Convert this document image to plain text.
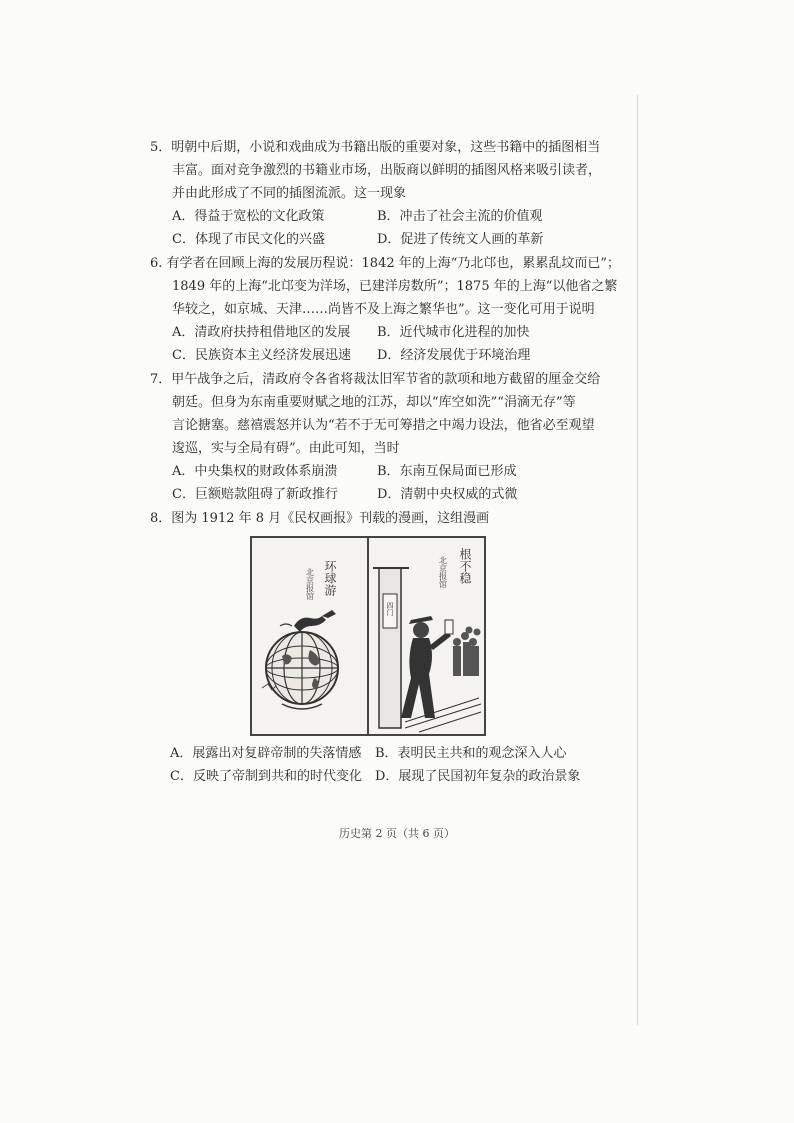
5．明朝中后期，小说和戏曲成为书籍出版的重要对象，这些书籍中的插图相当
丰富。面对竞争激烈的书籍业市场，出版商以鲜明的插图风格来吸引读者，
并由此形成了不同的插图流派。这一现象
A．得益于宽松的文化政策	B．冲击了社会主流的价值观
C．体现了市民文化的兴盛	D．促进了传统文人画的革新
6. 有学者在回顾上海的发展历程说：1842 年的上海“乃北邙也，累累乱坟而已”；
1849 年的上海“北邙变为洋场，已建洋房数所”；1875 年的上海“以他省之繁
华较之，如京城、天津……尚皆不及上海之繁华也”。这一变化可用于说明
A．清政府扶持租借地区的发展	B．近代城市化进程的加快
C．民族资本主义经济发展迅速	D．经济发展优于环境治理
7．甲午战争之后，清政府令各省将裁汰旧军节省的款项和地方截留的厘金交给
朝廷。但身为东南重要财赋之地的江苏，却以“库空如洗”“涓滴无存”等
言论搪塞。慈禧震怒并认为“若不于无可筹措之中竭力设法，他省必至观望
逡巡，实与全局有碍”。由此可知，当时
A．中央集权的财政体系崩溃	B．东南互保局面已形成
C．巨额赔款阻碍了新政推行	D．清朝中央权威的式微
8．图为 1912 年 8 月《民权画报》刊载的漫画，这组漫画
环球游
北京报馆	根不稳
北京报馆
四门
A．展露出对复辟帝制的失落情感	B．表明民主共和的观念深入人心
C．反映了帝制到共和的时代变化	D．展现了民国初年复杂的政治景象
历史第 2 页（共 6 页）
